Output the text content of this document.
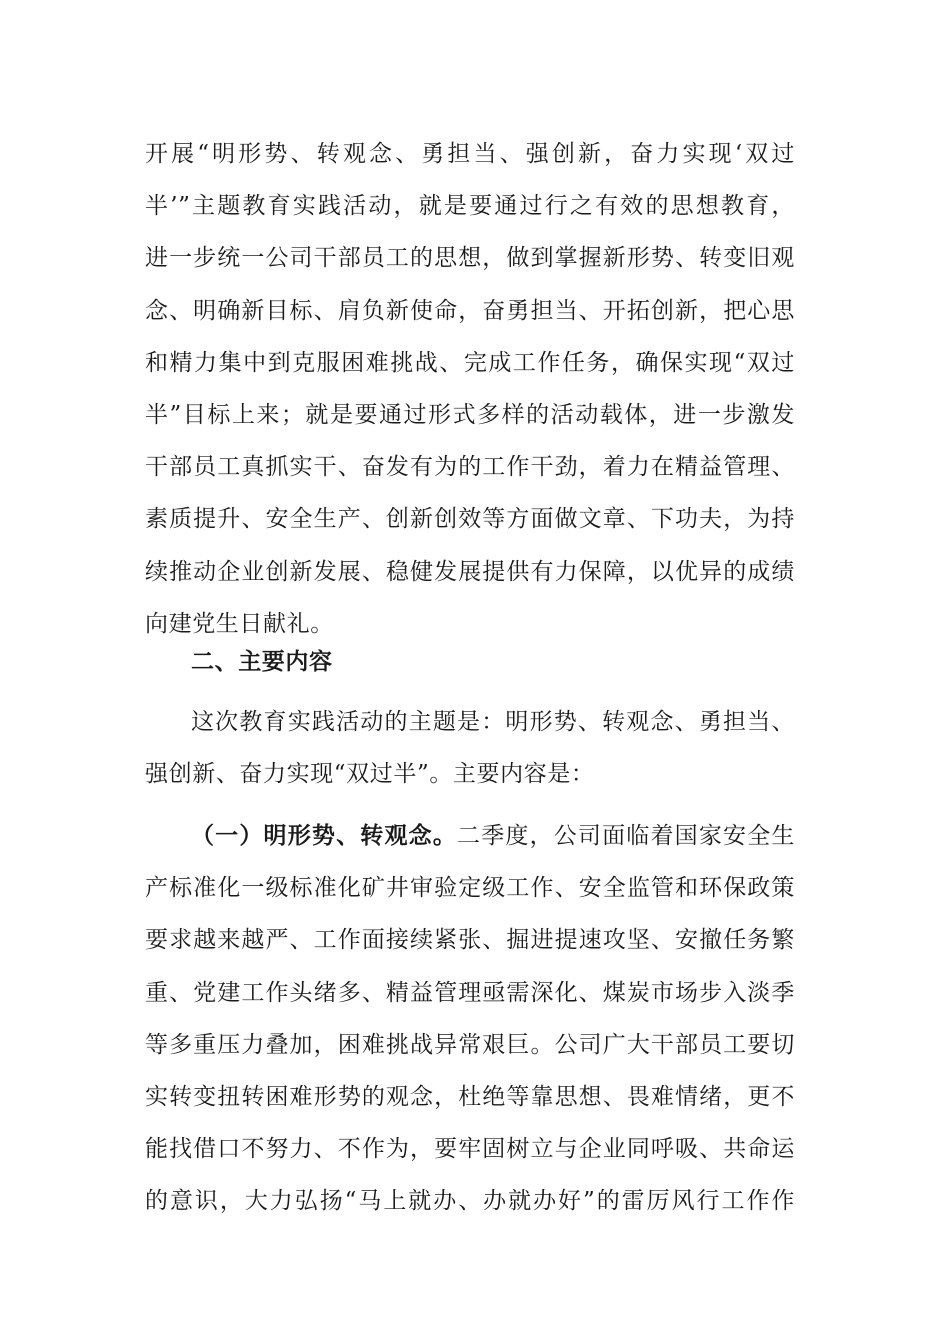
开展“明形势、转观念、勇担当、强创新，奋力实现‘双过
半’”主题教育实践活动，就是要通过行之有效的思想教育，
进一步统一公司干部员工的思想，做到掌握新形势、转变旧观
念、明确新目标、肩负新使命，奋勇担当、开拓创新，把心思
和精力集中到克服困难挑战、完成工作任务，确保实现“双过
半”目标上来；就是要通过形式多样的活动载体，进一步激发
干部员工真抓实干、奋发有为的工作干劲，着力在精益管理、
素质提升、安全生产、创新创效等方面做文章、下功夫，为持
续推动企业创新发展、稳健发展提供有力保障，以优异的成绩
向建党生日献礼。
二、主要内容
这次教育实践活动的主题是：明形势、转观念、勇担当、
强创新、奋力实现“双过半”。主要内容是：
（一）明形势、转观念。二季度，公司面临着国家安全生
产标准化一级标准化矿井审验定级工作、安全监管和环保政策
要求越来越严、工作面接续紧张、掘进提速攻坚、安撤任务繁
重、党建工作头绪多、精益管理亟需深化、煤炭市场步入淡季
等多重压力叠加，困难挑战异常艰巨。公司广大干部员工要切
实转变扭转困难形势的观念，杜绝等靠思想、畏难情绪，更不
能找借口不努力、不作为，要牢固树立与企业同呼吸、共命运
的意识，大力弘扬“马上就办、办就办好”的雷厉风行工作作
